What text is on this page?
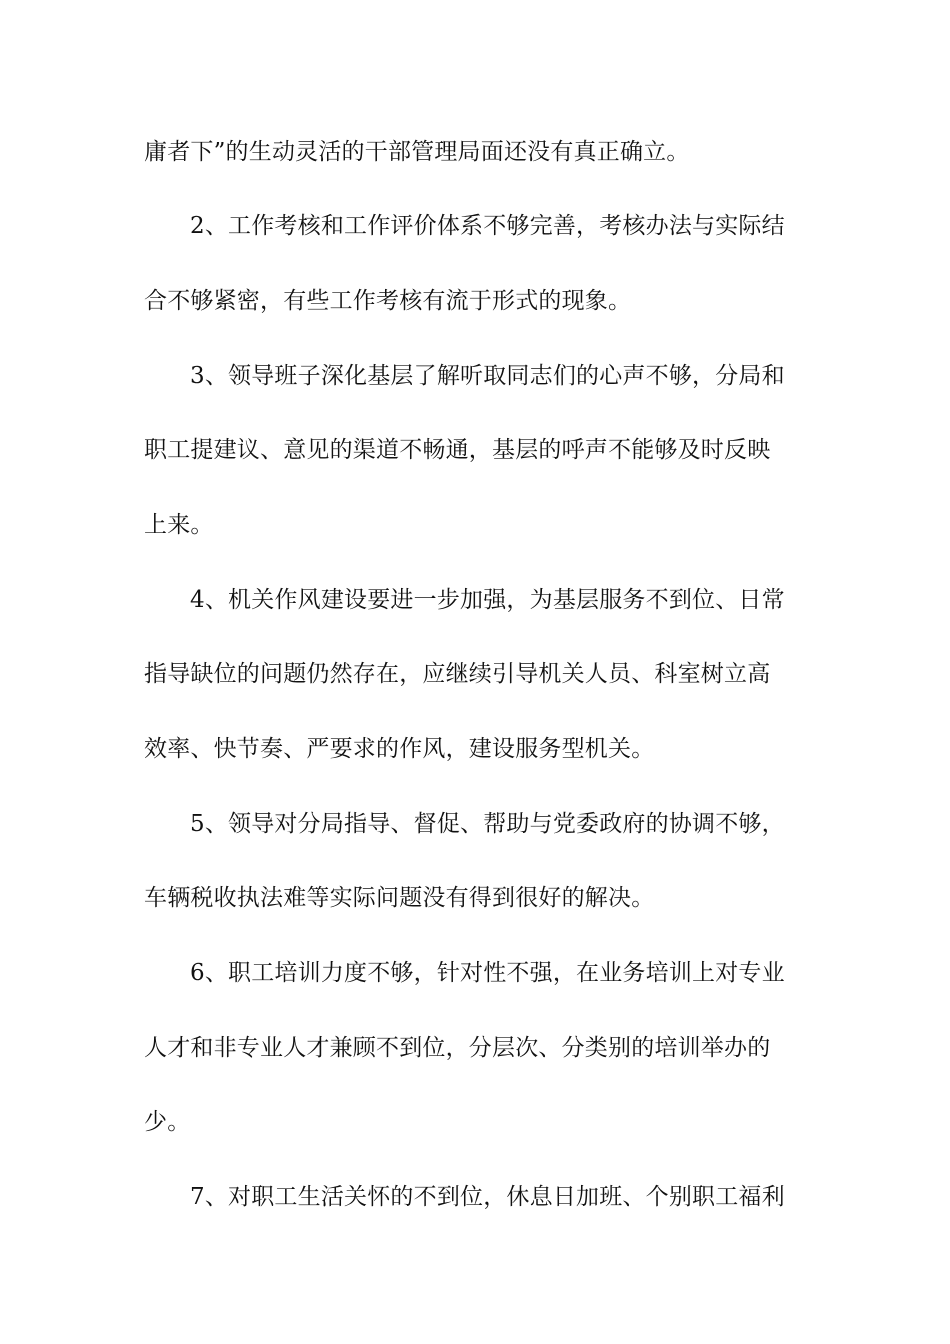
庸者下”的生动灵活的干部管理局面还没有真正确立。
2、工作考核和工作评价体系不够完善，考核办法与实际结
合不够紧密，有些工作考核有流于形式的现象。
3、领导班子深化基层了解听取同志们的心声不够，分局和
职工提建议、意见的渠道不畅通，基层的呼声不能够及时反映
上来。
4、机关作风建设要进一步加强，为基层服务不到位、日常
指导缺位的问题仍然存在，应继续引导机关人员、科室树立高
效率、快节奏、严要求的作风，建设服务型机关。
5、领导对分局指导、督促、帮助与党委政府的协调不够，
车辆税收执法难等实际问题没有得到很好的解决。
6、职工培训力度不够，针对性不强，在业务培训上对专业
人才和非专业人才兼顾不到位，分层次、分类别的培训举办的
少。
7、对职工生活关怀的不到位，休息日加班、个别职工福利
